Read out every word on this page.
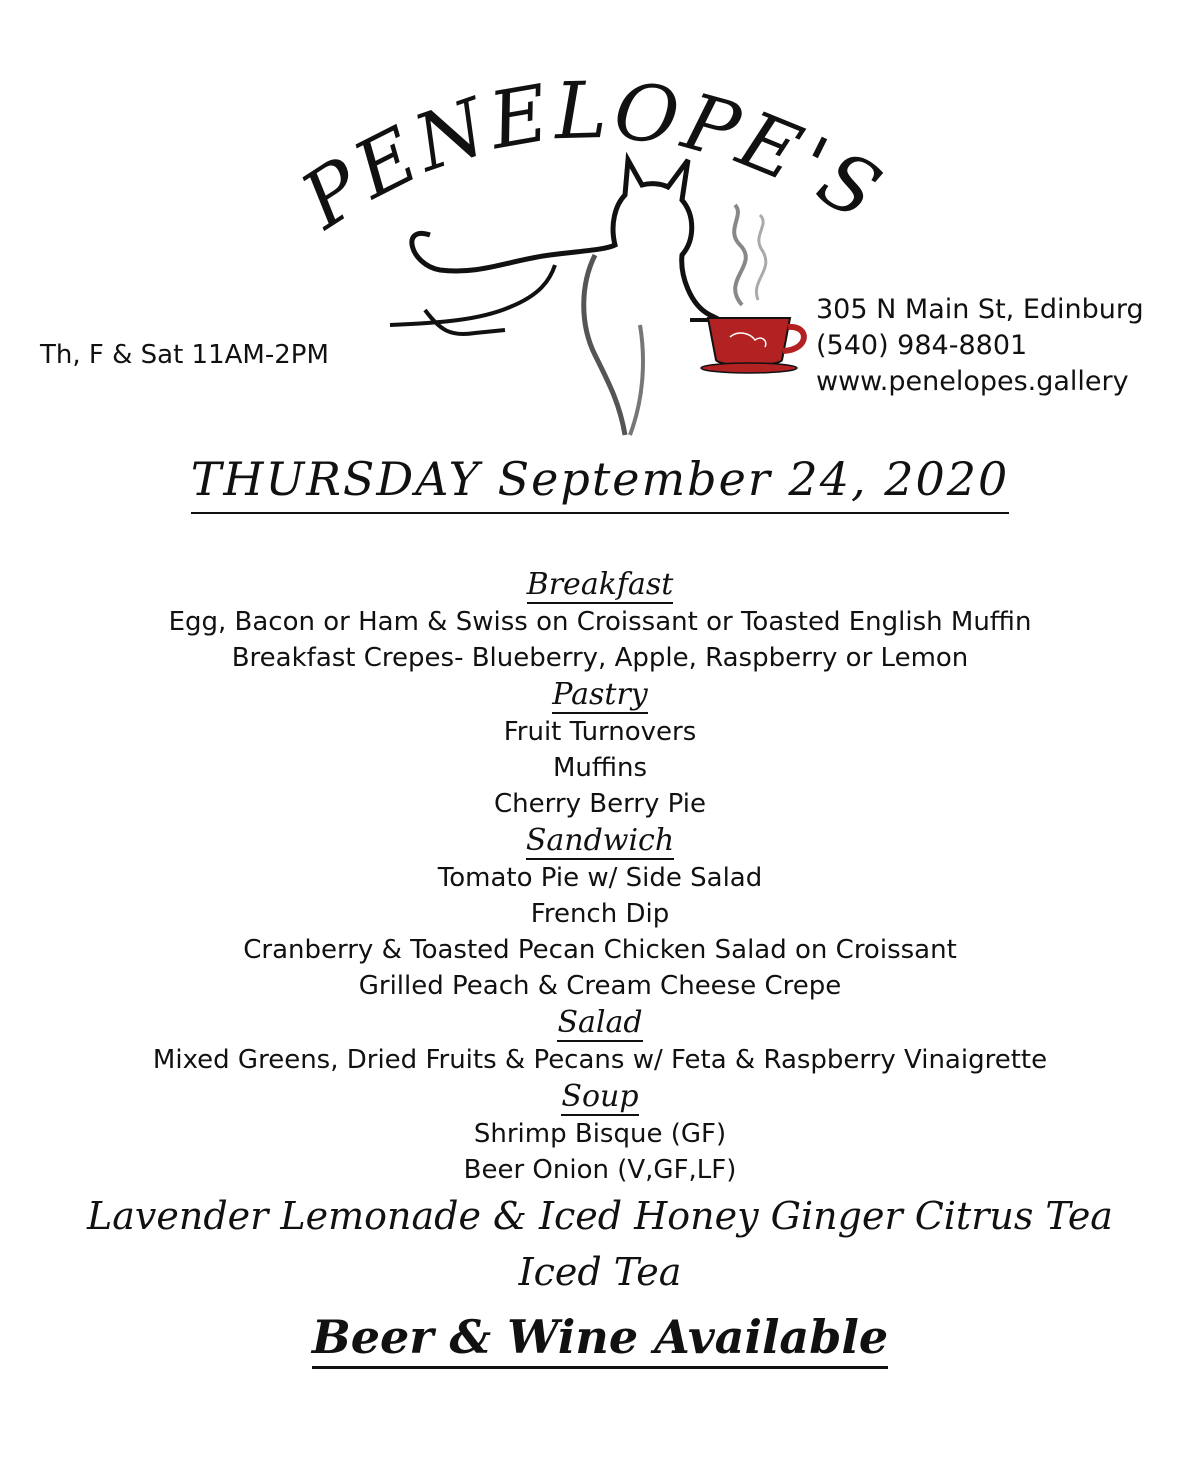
PENELOPE'S
Th, F & Sat 11AM-2PM
305 N Main St, Edinburg
(540) 984-8801
www.penelopes.gallery
THURSDAY September 24, 2020
Breakfast
Egg, Bacon or Ham & Swiss on Croissant or Toasted English Muffin
Breakfast Crepes- Blueberry, Apple, Raspberry or Lemon
Pastry
Fruit Turnovers
Muffins
Cherry Berry Pie
Sandwich
Tomato Pie w/ Side Salad
French Dip
Cranberry & Toasted Pecan Chicken Salad on Croissant
Grilled Peach & Cream Cheese Crepe
Salad
Mixed Greens, Dried Fruits & Pecans w/ Feta & Raspberry Vinaigrette
Soup
Shrimp Bisque (GF)
Beer Onion (V,GF,LF)
Lavender Lemonade & Iced Honey Ginger Citrus Tea
Iced Tea
Beer & Wine Available
